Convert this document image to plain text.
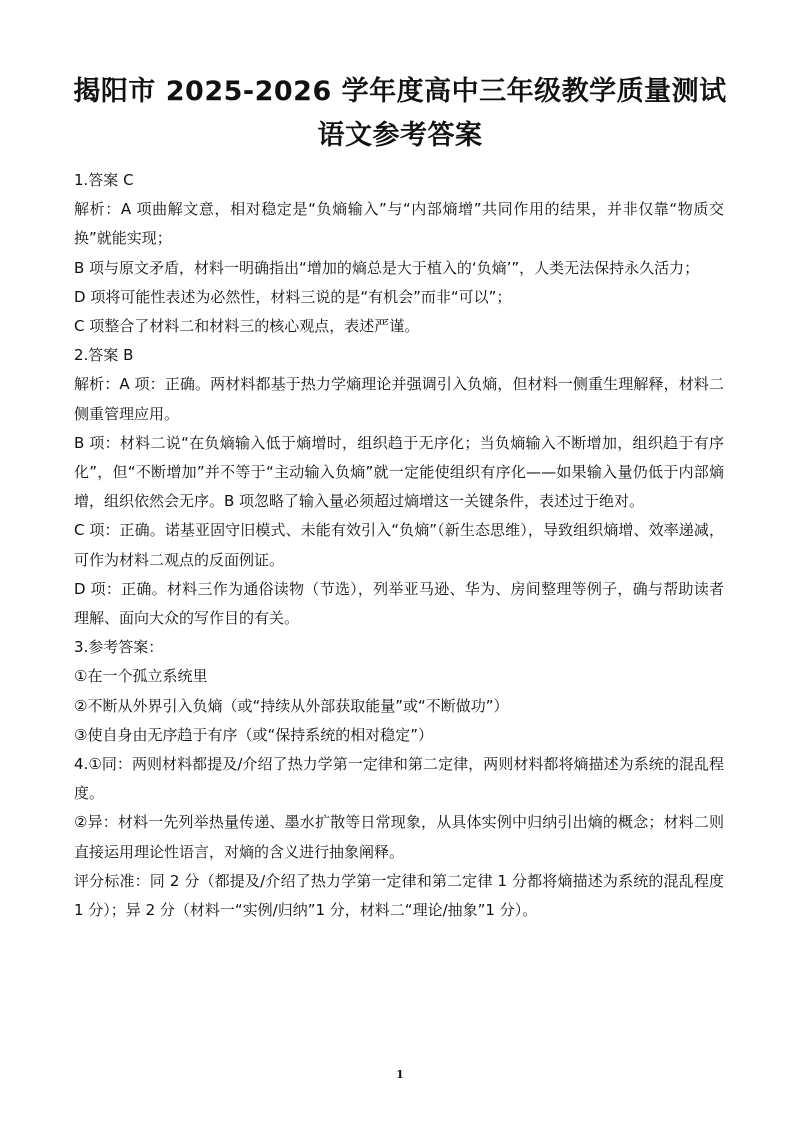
揭阳市 2025-2026 学年度高中三年级教学质量测试
语文参考答案

1.答案 C

解析：A 项曲解文意，相对稳定是“负熵输入”与“内部熵增”共同作用的结果，并非仅靠“物质交换”就能实现；

B 项与原文矛盾，材料一明确指出“增加的熵总是大于植入的‘负熵’”，人类无法保持永久活力；

D 项将可能性表述为必然性，材料三说的是“有机会”而非“可以”；

C 项整合了材料二和材料三的核心观点，表述严谨。

2.答案 B

解析：A 项：正确。两材料都基于热力学熵理论并强调引入负熵，但材料一侧重生理解释，材料二侧重管理应用。

B 项：材料二说“在负熵输入低于熵增时，组织趋于无序化；当负熵输入不断增加，组织趋于有序化”，但“不断增加”并不等于“主动输入负熵”就一定能使组织有序化——如果输入量仍低于内部熵增，组织依然会无序。B 项忽略了输入量必须超过熵增这一关键条件，表述过于绝对。

C 项：正确。诺基亚固守旧模式、未能有效引入“负熵”（新生态思维），导致组织熵增、效率递减，可作为材料二观点的反面例证。

D 项：正确。材料三作为通俗读物（节选），列举亚马逊、华为、房间整理等例子，确与帮助读者理解、面向大众的写作目的有关。

3.参考答案：

①在一个孤立系统里

②不断从外界引入负熵（或“持续从外部获取能量”或“不断做功”）

③使自身由无序趋于有序（或“保持系统的相对稳定”）

4.①同：两则材料都提及/介绍了热力学第一定律和第二定律，两则材料都将熵描述为系统的混乱程度。

②异：材料一先列举热量传递、墨水扩散等日常现象，从具体实例中归纳引出熵的概念；材料二则直接运用理论性语言，对熵的含义进行抽象阐释。

评分标准：同 2 分（都提及/介绍了热力学第一定律和第二定律 1 分都将熵描述为系统的混乱程度 1 分）；异 2 分（材料一“实例/归纳”1 分，材料二“理论/抽象”1 分）。

1
